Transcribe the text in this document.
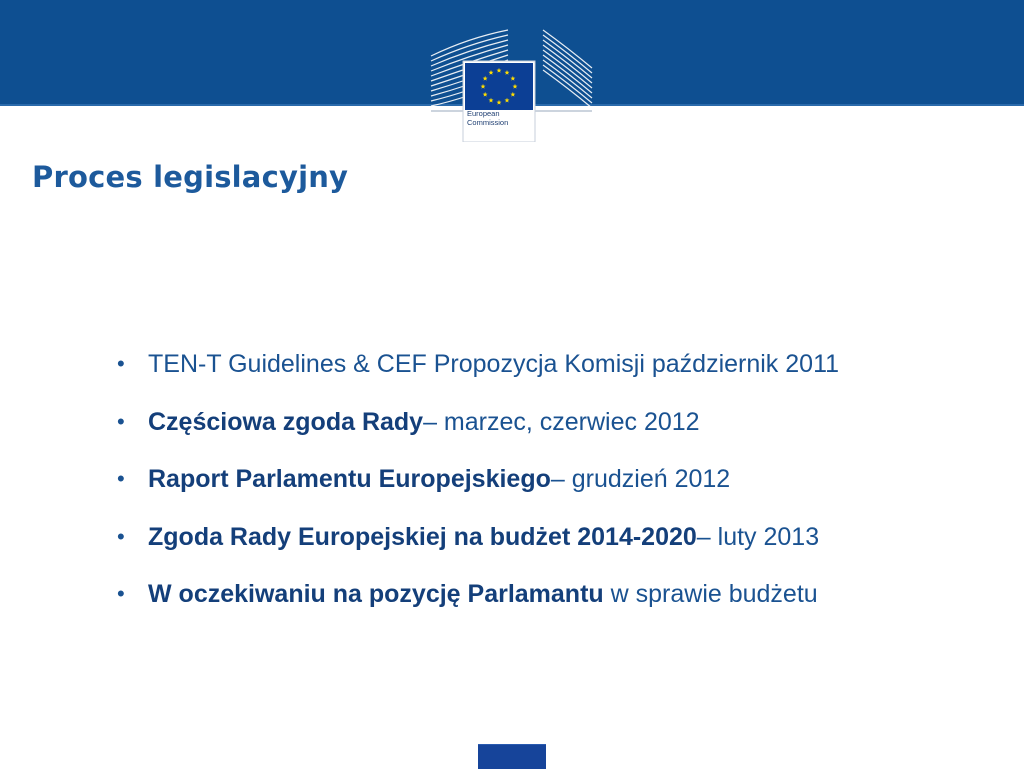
European
Commission
Proces legislacyjny
• TEN-T Guidelines & CEF Propozycja Komisji październik 2011
• Częściowa zgoda Rady– marzec, czerwiec 2012
• Raport Parlamentu Europejskiego– grudzień 2012
• Zgoda Rady Europejskiej na budżet 2014-2020– luty 2013
• W oczekiwaniu na pozycję Parlamantu w sprawie budżetu
